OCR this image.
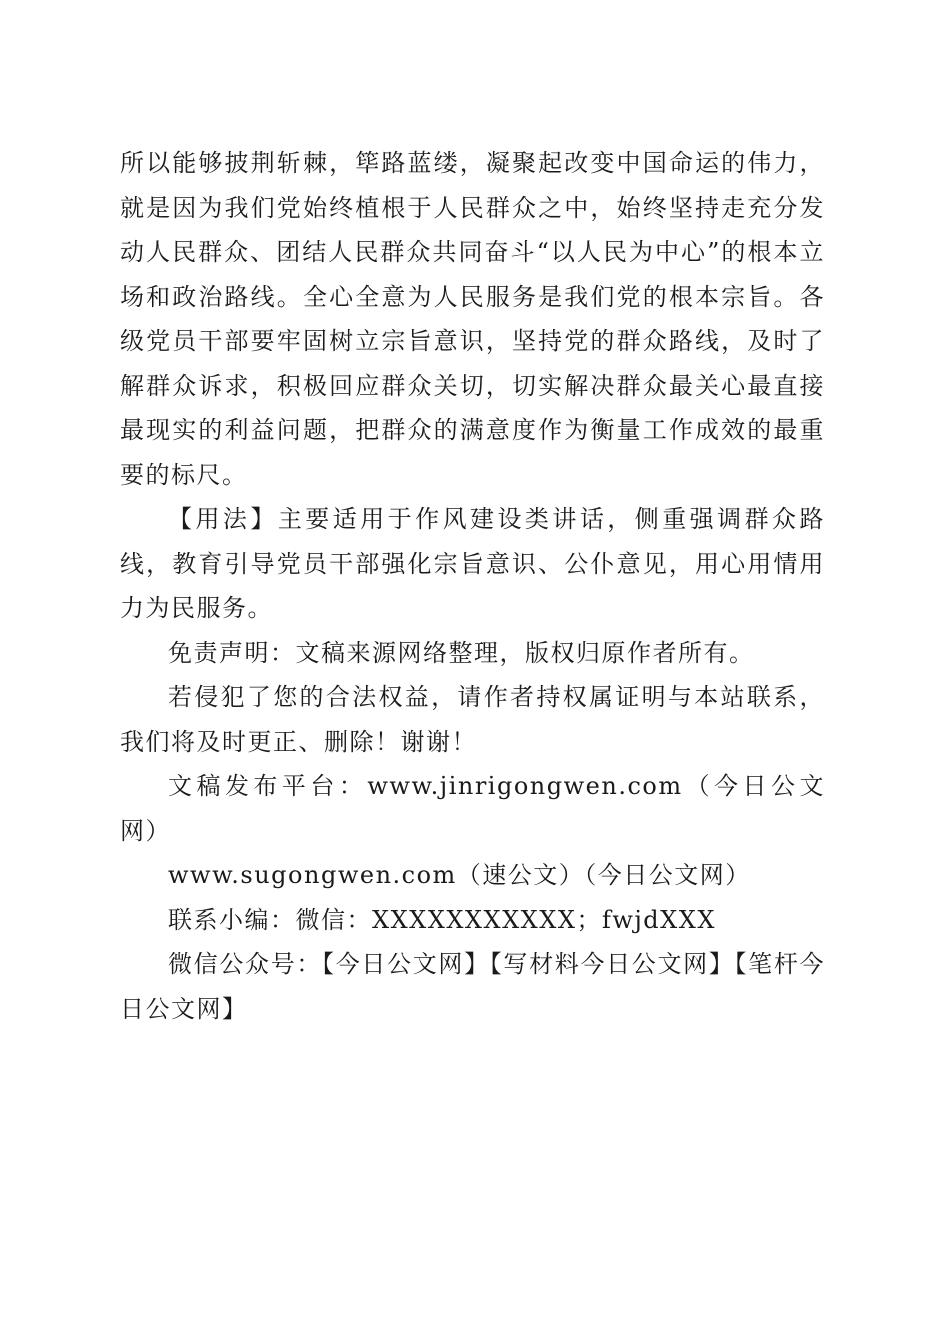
所以能够披荆斩棘，筚路蓝缕，凝聚起改变中国命运的伟力，就是因为我们党始终植根于人民群众之中，始终坚持走充分发动人民群众、团结人民群众共同奋斗“以人民为中心”的根本立场和政治路线。全心全意为人民服务是我们党的根本宗旨。各级党员干部要牢固树立宗旨意识，坚持党的群众路线，及时了解群众诉求，积极回应群众关切，切实解决群众最关心最直接最现实的利益问题，把群众的满意度作为衡量工作成效的最重要的标尺。

【用法】主要适用于作风建设类讲话，侧重强调群众路线，教育引导党员干部强化宗旨意识、公仆意见，用心用情用力为民服务。

免责声明：文稿来源网络整理，版权归原作者所有。

若侵犯了您的合法权益，请作者持权属证明与本站联系，我们将及时更正、删除！谢谢！

文稿发布平台：www.jinrigongwen.com（今日公文网）

www.sugongwen.com（速公文）（今日公文网）

联系小编：微信：XXXXXXXXXXX；fwjdXXX

微信公众号：【今日公文网】【写材料今日公文网】【笔杆今日公文网】
